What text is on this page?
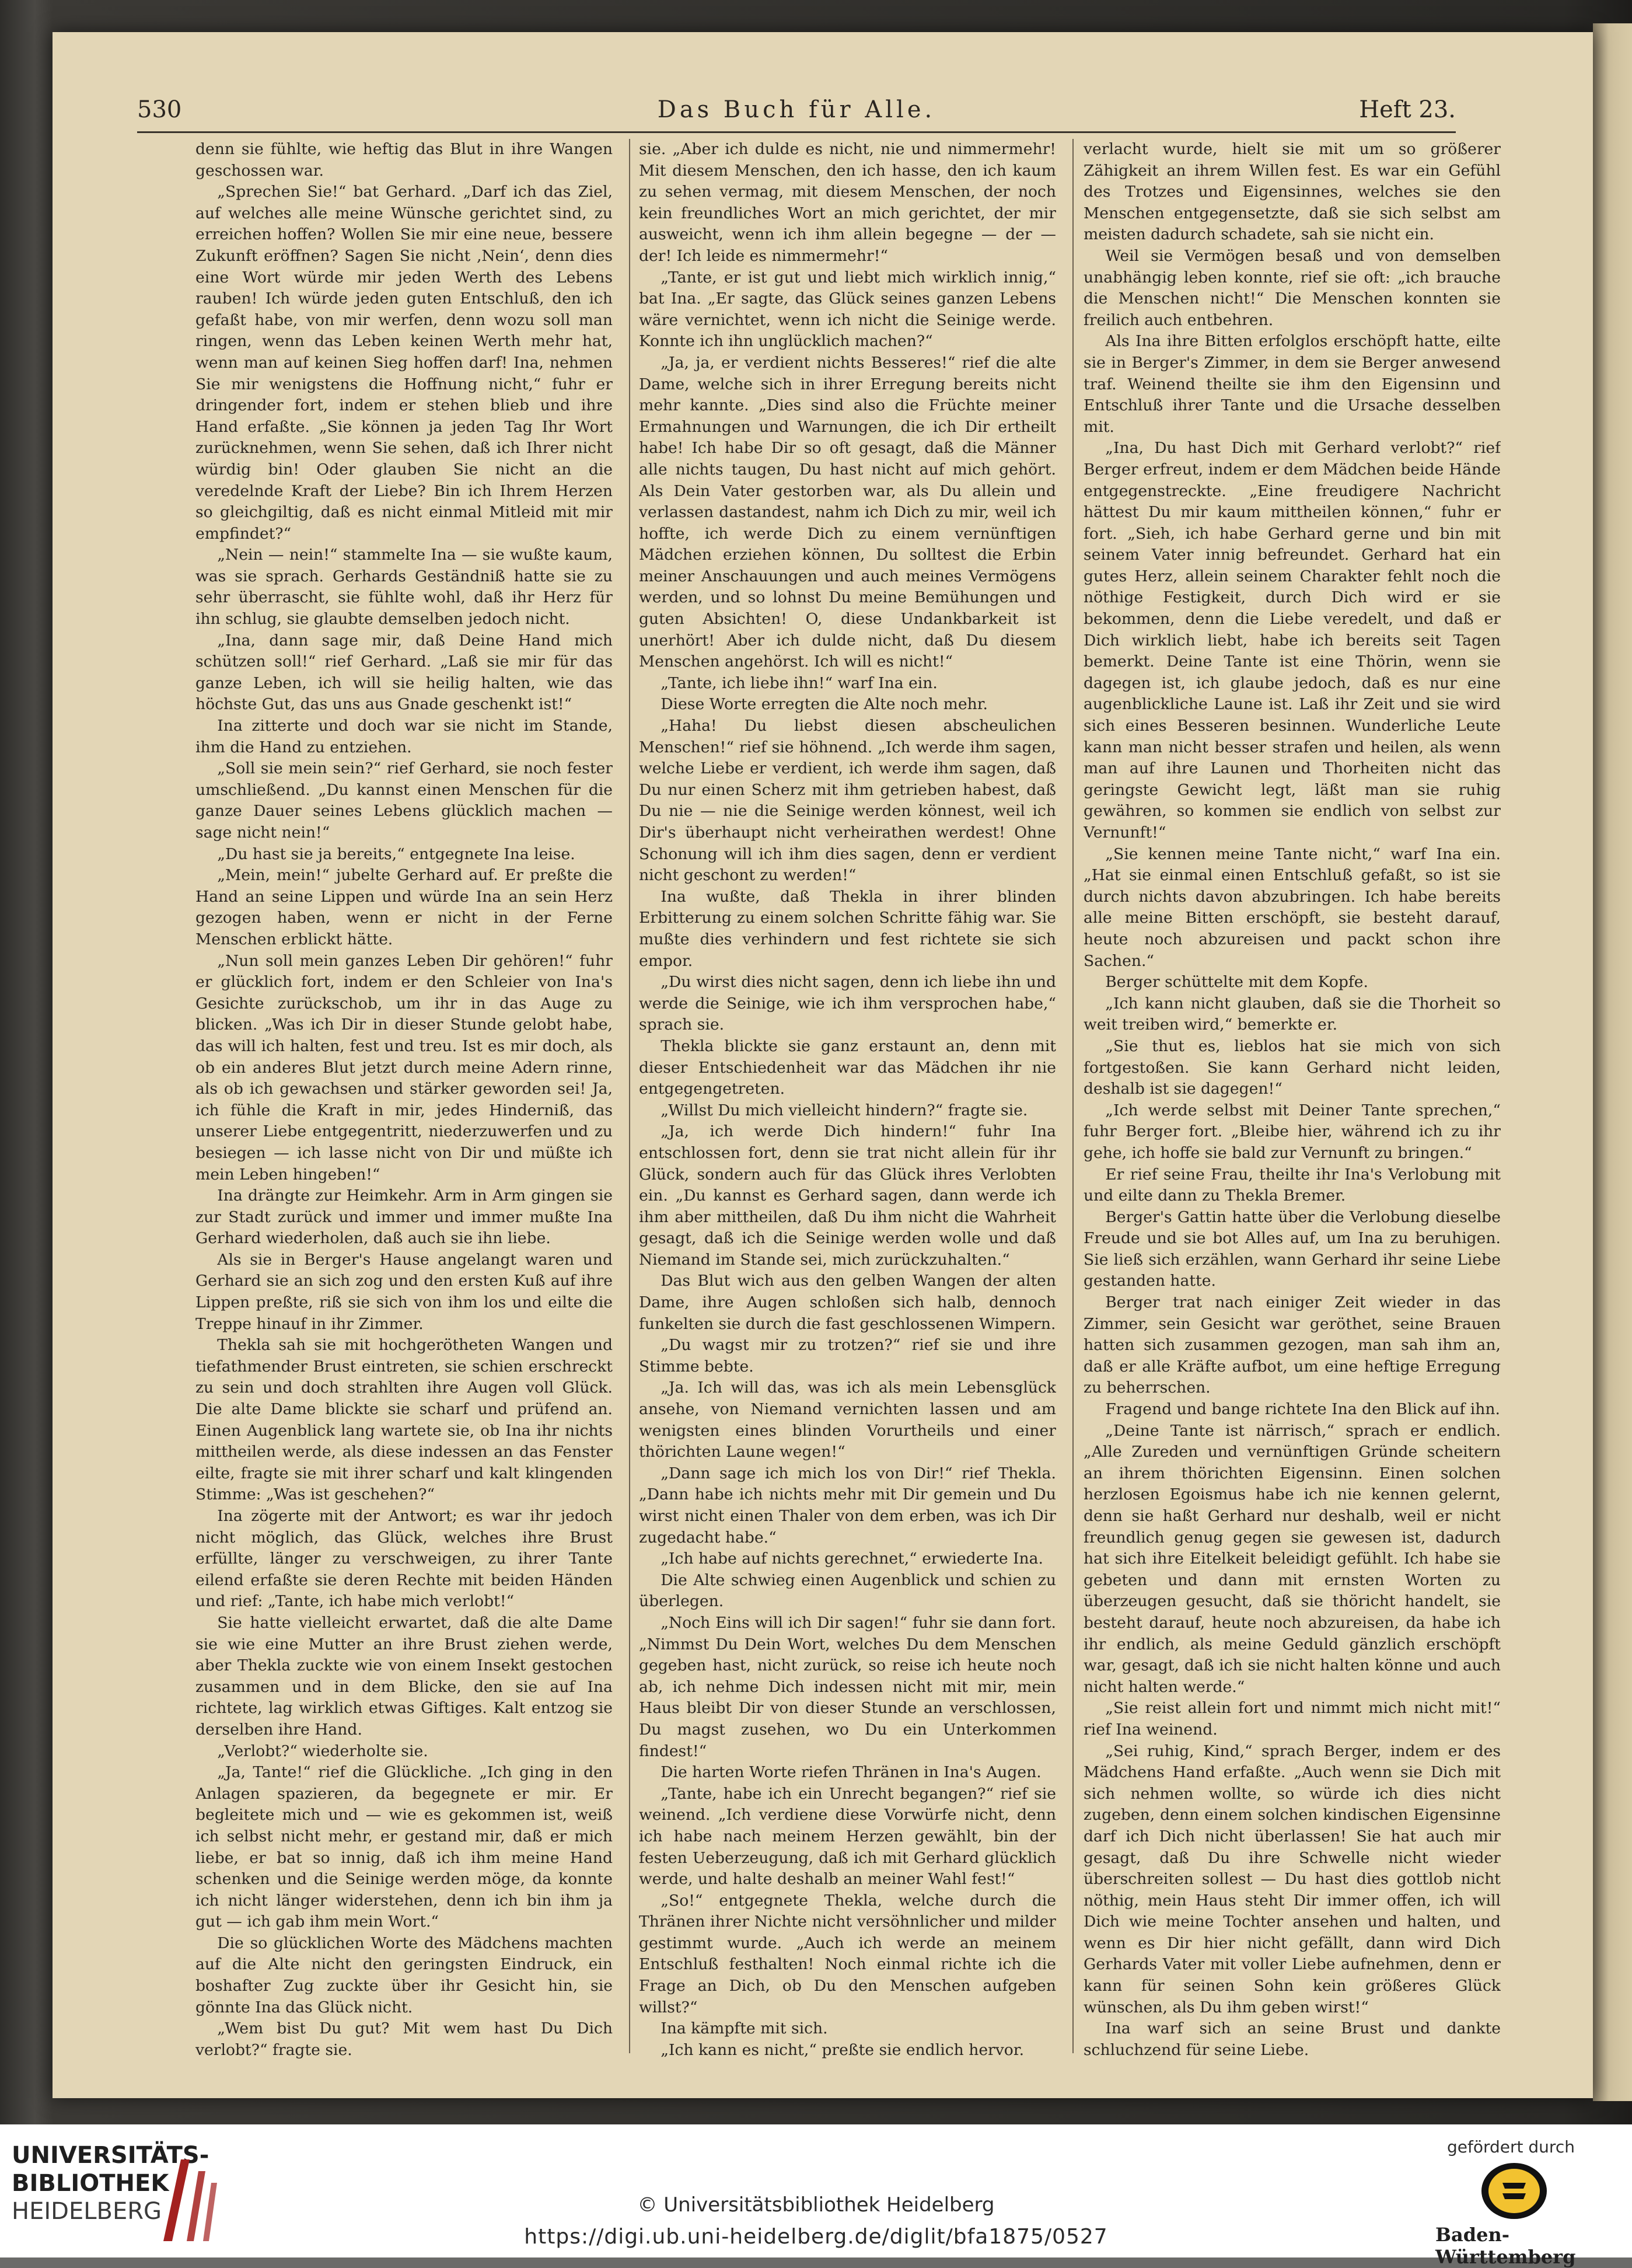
530	Das Buch für Alle.	Heft 23.

denn sie fühlte, wie heftig das Blut in ihre Wangen geschossen war.

„Sprechen Sie!“ bat Gerhard. „Darf ich das Ziel, auf welches alle meine Wünsche gerichtet sind, zu erreichen hoffen? Wollen Sie mir eine neue, bessere Zukunft eröffnen? Sagen Sie nicht ‚Nein‘, denn dies eine Wort würde mir jeden Werth des Lebens rauben! Ich würde jeden guten Entschluß, den ich gefaßt habe, von mir werfen, denn wozu soll man ringen, wenn das Leben keinen Werth mehr hat, wenn man auf keinen Sieg hoffen darf! Ina, nehmen Sie mir wenigstens die Hoffnung nicht,“ fuhr er dringender fort, indem er stehen blieb und ihre Hand erfaßte. „Sie können ja jeden Tag Ihr Wort zurücknehmen, wenn Sie sehen, daß ich Ihrer nicht würdig bin! Oder glauben Sie nicht an die veredelnde Kraft der Liebe? Bin ich Ihrem Herzen so gleichgiltig, daß es nicht einmal Mitleid mit mir empfindet?“

„Nein — nein!“ stammelte Ina — sie wußte kaum, was sie sprach. Gerhards Geständniß hatte sie zu sehr überrascht, sie fühlte wohl, daß ihr Herz für ihn schlug, sie glaubte demselben jedoch nicht.

„Ina, dann sage mir, daß Deine Hand mich schützen soll!“ rief Gerhard. „Laß sie mir für das ganze Leben, ich will sie heilig halten, wie das höchste Gut, das uns aus Gnade geschenkt ist!“

Ina zitterte und doch war sie nicht im Stande, ihm die Hand zu entziehen.

„Soll sie mein sein?“ rief Gerhard, sie noch fester umschließend. „Du kannst einen Menschen für die ganze Dauer seines Lebens glücklich machen — sage nicht nein!“

„Du hast sie ja bereits,“ entgegnete Ina leise.

„Mein, mein!“ jubelte Gerhard auf. Er preßte die Hand an seine Lippen und würde Ina an sein Herz gezogen haben, wenn er nicht in der Ferne Menschen erblickt hätte.

„Nun soll mein ganzes Leben Dir gehören!“ fuhr er glücklich fort, indem er den Schleier von Ina's Gesichte zurückschob, um ihr in das Auge zu blicken. „Was ich Dir in dieser Stunde gelobt habe, das will ich halten, fest und treu. Ist es mir doch, als ob ein anderes Blut jetzt durch meine Adern rinne, als ob ich gewachsen und stärker geworden sei! Ja, ich fühle die Kraft in mir, jedes Hinderniß, das unserer Liebe entgegentritt, niederzuwerfen und zu besiegen — ich lasse nicht von Dir und müßte ich mein Leben hingeben!“

Ina drängte zur Heimkehr. Arm in Arm gingen sie zur Stadt zurück und immer und immer mußte Ina Gerhard wiederholen, daß auch sie ihn liebe.

Als sie in Berger's Hause angelangt waren und Gerhard sie an sich zog und den ersten Kuß auf ihre Lippen preßte, riß sie sich von ihm los und eilte die Treppe hinauf in ihr Zimmer.

Thekla sah sie mit hochgerötheten Wangen und tiefathmender Brust eintreten, sie schien erschreckt zu sein und doch strahlten ihre Augen voll Glück. Die alte Dame blickte sie scharf und prüfend an. Einen Augenblick lang wartete sie, ob Ina ihr nichts mittheilen werde, als diese indessen an das Fenster eilte, fragte sie mit ihrer scharf und kalt klingenden Stimme: „Was ist geschehen?“

Ina zögerte mit der Antwort; es war ihr jedoch nicht möglich, das Glück, welches ihre Brust erfüllte, länger zu verschweigen, zu ihrer Tante eilend erfaßte sie deren Rechte mit beiden Händen und rief: „Tante, ich habe mich verlobt!“

Sie hatte vielleicht erwartet, daß die alte Dame sie wie eine Mutter an ihre Brust ziehen werde, aber Thekla zuckte wie von einem Insekt gestochen zusammen und in dem Blicke, den sie auf Ina richtete, lag wirklich etwas Giftiges. Kalt entzog sie derselben ihre Hand.

„Verlobt?“ wiederholte sie.

„Ja, Tante!“ rief die Glückliche. „Ich ging in den Anlagen spazieren, da begegnete er mir. Er begleitete mich und — wie es gekommen ist, weiß ich selbst nicht mehr, er gestand mir, daß er mich liebe, er bat so innig, daß ich ihm meine Hand schenken und die Seinige werden möge, da konnte ich nicht länger widerstehen, denn ich bin ihm ja gut — ich gab ihm mein Wort.“

Die so glücklichen Worte des Mädchens machten auf die Alte nicht den geringsten Eindruck, ein boshafter Zug zuckte über ihr Gesicht hin, sie gönnte Ina das Glück nicht.

„Wem bist Du gut? Mit wem hast Du Dich verlobt?“ fragte sie.

sie. „Aber ich dulde es nicht, nie und nimmermehr! Mit diesem Menschen, den ich hasse, den ich kaum zu sehen vermag, mit diesem Menschen, der noch kein freundliches Wort an mich gerichtet, der mir ausweicht, wenn ich ihm allein begegne — der — der! Ich leide es nimmermehr!“

„Tante, er ist gut und liebt mich wirklich innig,“ bat Ina. „Er sagte, das Glück seines ganzen Lebens wäre vernichtet, wenn ich nicht die Seinige werde. Konnte ich ihn unglücklich machen?“

„Ja, ja, er verdient nichts Besseres!“ rief die alte Dame, welche sich in ihrer Erregung bereits nicht mehr kannte. „Dies sind also die Früchte meiner Ermahnungen und Warnungen, die ich Dir ertheilt habe! Ich habe Dir so oft gesagt, daß die Männer alle nichts taugen, Du hast nicht auf mich gehört. Als Dein Vater gestorben war, als Du allein und verlassen dastandest, nahm ich Dich zu mir, weil ich hoffte, ich werde Dich zu einem vernünftigen Mädchen erziehen können, Du solltest die Erbin meiner Anschauungen und auch meines Vermögens werden, und so lohnst Du meine Bemühungen und guten Absichten! O, diese Undankbarkeit ist unerhört! Aber ich dulde nicht, daß Du diesem Menschen angehörst. Ich will es nicht!“

„Tante, ich liebe ihn!“ warf Ina ein.

Diese Worte erregten die Alte noch mehr.

„Haha! Du liebst diesen abscheulichen Menschen!“ rief sie höhnend. „Ich werde ihm sagen, welche Liebe er verdient, ich werde ihm sagen, daß Du nur einen Scherz mit ihm getrieben habest, daß Du nie — nie die Seinige werden könnest, weil ich Dir's überhaupt nicht verheirathen werdest! Ohne Schonung will ich ihm dies sagen, denn er verdient nicht geschont zu werden!“

Ina wußte, daß Thekla in ihrer blinden Erbitterung zu einem solchen Schritte fähig war. Sie mußte dies verhindern und fest richtete sie sich empor.

„Du wirst dies nicht sagen, denn ich liebe ihn und werde die Seinige, wie ich ihm versprochen habe,“ sprach sie.

Thekla blickte sie ganz erstaunt an, denn mit dieser Entschiedenheit war das Mädchen ihr nie entgegengetreten.

„Willst Du mich vielleicht hindern?“ fragte sie.

„Ja, ich werde Dich hindern!“ fuhr Ina entschlossen fort, denn sie trat nicht allein für ihr Glück, sondern auch für das Glück ihres Verlobten ein. „Du kannst es Gerhard sagen, dann werde ich ihm aber mittheilen, daß Du ihm nicht die Wahrheit gesagt, daß ich die Seinige werden wolle und daß Niemand im Stande sei, mich zurückzuhalten.“

Das Blut wich aus den gelben Wangen der alten Dame, ihre Augen schloßen sich halb, dennoch funkelten sie durch die fast geschlossenen Wimpern.

„Du wagst mir zu trotzen?“ rief sie und ihre Stimme bebte.

„Ja. Ich will das, was ich als mein Lebensglück ansehe, von Niemand vernichten lassen und am wenigsten eines blinden Vorurtheils und einer thörichten Laune wegen!“

„Dann sage ich mich los von Dir!“ rief Thekla. „Dann habe ich nichts mehr mit Dir gemein und Du wirst nicht einen Thaler von dem erben, was ich Dir zugedacht habe.“

„Ich habe auf nichts gerechnet,“ erwiederte Ina.

Die Alte schwieg einen Augenblick und schien zu überlegen.

„Noch Eins will ich Dir sagen!“ fuhr sie dann fort. „Nimmst Du Dein Wort, welches Du dem Menschen gegeben hast, nicht zurück, so reise ich heute noch ab, ich nehme Dich indessen nicht mit mir, mein Haus bleibt Dir von dieser Stunde an verschlossen, Du magst zusehen, wo Du ein Unterkommen findest!“

Die harten Worte riefen Thränen in Ina's Augen.

„Tante, habe ich ein Unrecht begangen?“ rief sie weinend. „Ich verdiene diese Vorwürfe nicht, denn ich habe nach meinem Herzen gewählt, bin der festen Ueberzeugung, daß ich mit Gerhard glücklich werde, und halte deshalb an meiner Wahl fest!“

„So!“ entgegnete Thekla, welche durch die Thränen ihrer Nichte nicht versöhnlicher und milder gestimmt wurde. „Auch ich werde an meinem Entschluß festhalten! Noch einmal richte ich die Frage an Dich, ob Du den Menschen aufgeben willst?“

Ina kämpfte mit sich.

„Ich kann es nicht,“ preßte sie endlich hervor.

verlacht wurde, hielt sie mit um so größerer Zähigkeit an ihrem Willen fest. Es war ein Gefühl des Trotzes und Eigensinnes, welches sie den Menschen entgegensetzte, daß sie sich selbst am meisten dadurch schadete, sah sie nicht ein.

Weil sie Vermögen besaß und von demselben unabhängig leben konnte, rief sie oft: „ich brauche die Menschen nicht!“ Die Menschen konnten sie freilich auch entbehren.

Als Ina ihre Bitten erfolglos erschöpft hatte, eilte sie in Berger's Zimmer, in dem sie Berger anwesend traf. Weinend theilte sie ihm den Eigensinn und Entschluß ihrer Tante und die Ursache desselben mit.

„Ina, Du hast Dich mit Gerhard verlobt?“ rief Berger erfreut, indem er dem Mädchen beide Hände entgegenstreckte. „Eine freudigere Nachricht hättest Du mir kaum mittheilen können,“ fuhr er fort. „Sieh, ich habe Gerhard gerne und bin mit seinem Vater innig befreundet. Gerhard hat ein gutes Herz, allein seinem Charakter fehlt noch die nöthige Festigkeit, durch Dich wird er sie bekommen, denn die Liebe veredelt, und daß er Dich wirklich liebt, habe ich bereits seit Tagen bemerkt. Deine Tante ist eine Thörin, wenn sie dagegen ist, ich glaube jedoch, daß es nur eine augenblickliche Laune ist. Laß ihr Zeit und sie wird sich eines Besseren besinnen. Wunderliche Leute kann man nicht besser strafen und heilen, als wenn man auf ihre Launen und Thorheiten nicht das geringste Gewicht legt, läßt man sie ruhig gewähren, so kommen sie endlich von selbst zur Vernunft!“

„Sie kennen meine Tante nicht,“ warf Ina ein. „Hat sie einmal einen Entschluß gefaßt, so ist sie durch nichts davon abzubringen. Ich habe bereits alle meine Bitten erschöpft, sie besteht darauf, heute noch abzureisen und packt schon ihre Sachen.“

Berger schüttelte mit dem Kopfe.

„Ich kann nicht glauben, daß sie die Thorheit so weit treiben wird,“ bemerkte er.

„Sie thut es, lieblos hat sie mich von sich fortgestoßen. Sie kann Gerhard nicht leiden, deshalb ist sie dagegen!“

„Ich werde selbst mit Deiner Tante sprechen,“ fuhr Berger fort. „Bleibe hier, während ich zu ihr gehe, ich hoffe sie bald zur Vernunft zu bringen.“

Er rief seine Frau, theilte ihr Ina's Verlobung mit und eilte dann zu Thekla Bremer.

Berger's Gattin hatte über die Verlobung dieselbe Freude und sie bot Alles auf, um Ina zu beruhigen. Sie ließ sich erzählen, wann Gerhard ihr seine Liebe gestanden hatte.

Berger trat nach einiger Zeit wieder in das Zimmer, sein Gesicht war geröthet, seine Brauen hatten sich zusammen gezogen, man sah ihm an, daß er alle Kräfte aufbot, um eine heftige Erregung zu beherrschen.

Fragend und bange richtete Ina den Blick auf ihn.

„Deine Tante ist närrisch,“ sprach er endlich. „Alle Zureden und vernünftigen Gründe scheitern an ihrem thörichten Eigensinn. Einen solchen herzlosen Egoismus habe ich nie kennen gelernt, denn sie haßt Gerhard nur deshalb, weil er nicht freundlich genug gegen sie gewesen ist, dadurch hat sich ihre Eitelkeit beleidigt gefühlt. Ich habe sie gebeten und dann mit ernsten Worten zu überzeugen gesucht, daß sie thöricht handelt, sie besteht darauf, heute noch abzureisen, da habe ich ihr endlich, als meine Geduld gänzlich erschöpft war, gesagt, daß ich sie nicht halten könne und auch nicht halten werde.“

„Sie reist allein fort und nimmt mich nicht mit!“ rief Ina weinend.

„Sei ruhig, Kind,“ sprach Berger, indem er des Mädchens Hand erfaßte. „Auch wenn sie Dich mit sich nehmen wollte, so würde ich dies nicht zugeben, denn einem solchen kindischen Eigensinne darf ich Dich nicht überlassen! Sie hat auch mir gesagt, daß Du ihre Schwelle nicht wieder überschreiten sollest — Du hast dies gottlob nicht nöthig, mein Haus steht Dir immer offen, ich will Dich wie meine Tochter ansehen und halten, und wenn es Dir hier nicht gefällt, dann wird Dich Gerhards Vater mit voller Liebe aufnehmen, denn er kann für seinen Sohn kein größeres Glück wünschen, als Du ihm geben wirst!“

Ina warf sich an seine Brust und dankte schluchzend für seine Liebe.

UNIVERSITÄTS-
BIBLIOTHEK
HEIDELBERG	© Universitätsbibliothek Heidelberg
https://digi.ub.uni-heidelberg.de/diglit/bfa1875/0527
gefördert durch
Baden-Württemberg
